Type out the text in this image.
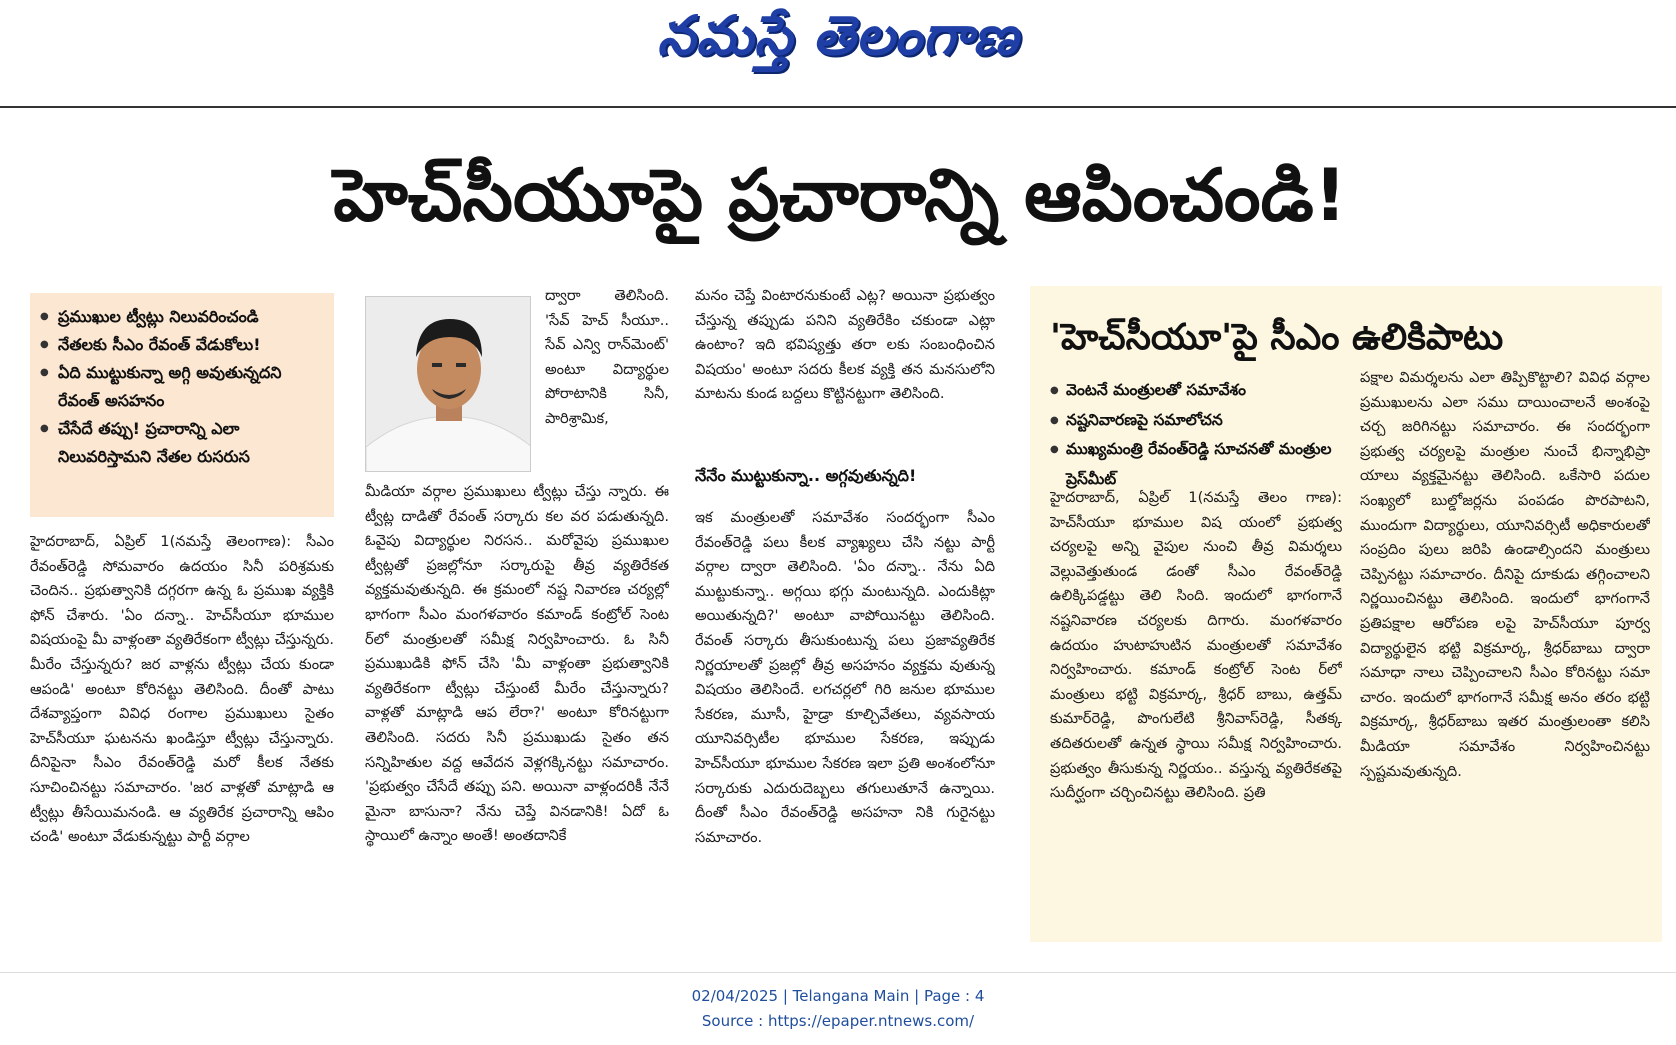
నమస్తే తెలంగాణ
హెచ్‌సీయూపై ప్రచారాన్ని ఆపించండి!
● ప్రముఖుల ట్వీట్లు నిలువరించండి
● నేతలకు సీఎం రేవంత్ వేడుకోలు!
● ఏది ముట్టుకున్నా అగ్గి అవుతున్నదని రేవంత్ అసహనం
● చేసేదే తప్పు! ప్రచారాన్ని ఎలా నిలువరిస్తామని నేతల రుసరుస
హైదరాబాద్, ఏప్రిల్ 1(నమస్తే తెలంగాణ): సీఎం రేవంత్‌రెడ్డి సోమవారం ఉదయం సినీ పరిశ్రమకు చెందిన.. ప్రభుత్వానికి దగ్గరగా ఉన్న ఓ ప్రముఖ వ్యక్తికి ఫోన్ చేశారు. 'ఏం దన్నా.. హెచ్‌సీయూ భూముల విషయంపై మీ వాళ్లంతా వ్యతిరేకంగా ట్వీట్లు చేస్తున్నరు. మీరేం చేస్తున్నరు? జర వాళ్లను ట్వీట్లు చేయ కుండా ఆపండి' అంటూ కోరినట్టు తెలిసింది. దీంతో పాటు దేశవ్యాప్తంగా వివిధ రంగాల ప్రముఖులు సైతం హెచ్‌సీయూ ఘటనను ఖండిస్తూ ట్వీట్లు చేస్తున్నారు. దీనిపైనా సీఎం రేవంత్‌రెడ్డి మరో కీలక నేతకు సూచించినట్టు సమాచారం. 'జర వాళ్లతో మాట్లాడి ఆ ట్వీట్లు తీసేయిమనండి. ఆ వ్యతిరేక ప్రచారాన్ని ఆపిం చండి' అంటూ వేడుకున్నట్టు పార్టీ వర్గాల
ద్వారా తెలిసింది. 'సేవ్ హెచ్ సీయూ.. సేవ్ ఎన్వి రాన్‌మెంట్' అంటూ విద్యార్థుల పోరాటానికి సినీ, పారిశ్రామిక,
మీడియా వర్గాల ప్రముఖులు ట్వీట్లు చేస్తు న్నారు. ఈ ట్వీట్ల దాడితో రేవంత్ సర్కారు కల వర పడుతున్నది. ఓవైపు విద్యార్థుల నిరసన.. మరోవైపు ప్రముఖుల ట్వీట్లతో ప్రజల్లోనూ సర్కారుపై తీవ్ర వ్యతిరేకత వ్యక్తమవుతున్నది. ఈ క్రమంలో నష్ట నివారణ చర్యల్లో భాగంగా సీఎం మంగళవారం కమాండ్ కంట్రోల్ సెంట ర్‌లో మంత్రులతో సమీక్ష నిర్వహించారు. ఓ సినీ ప్రముఖుడికి ఫోన్ చేసి 'మీ వాళ్లంతా ప్రభుత్వానికి వ్యతిరేకంగా ట్వీట్లు చేస్తుంటే మీరేం చేస్తున్నారు? వాళ్లతో మాట్లాడి ఆప లేరా?' అంటూ కోరినట్టుగా తెలిసింది. సదరు సినీ ప్రముఖుడు సైతం తన సన్నిహితుల వద్ద ఆవేదన వెళ్లగక్కినట్టు సమాచారం. 'ప్రభుత్వం చేసేదే తప్పు పని. అయినా వాళ్లందరికీ నేనే మైనా బాసునా? నేను చెప్తే వినడానికి! ఏదో ఓ స్థాయిలో ఉన్నాం అంతే! అంతదానికే
మనం చెప్తే వింటారనుకుంటే ఎట్ల? అయినా ప్రభుత్వం చేస్తున్న తప్పుడు పనిని వ్యతిరేకిం చకుండా ఎట్లా ఉంటాం? ఇది భవిష్యత్తు తరా లకు సంబంధించిన విషయం' అంటూ సదరు కీలక వ్యక్తి తన మనసులోని మాటను కుండ బద్దలు కొట్టినట్టుగా తెలిసింది.
నేనేం ముట్టుకున్నా.. అగ్గవుతున్నది!
ఇక మంత్రులతో సమావేశం సందర్భంగా సీఎం రేవంత్‌రెడ్డి పలు కీలక వ్యాఖ్యలు చేసి నట్టు పార్టీ వర్గాల ద్వారా తెలిసింది. 'ఏం దన్నా.. నేను ఏది ముట్టుకున్నా.. అగ్గయి భగ్గు మంటున్నది. ఎందుకిట్లా అయితున్నది?' అంటూ వాపోయినట్టు తెలిసింది. రేవంత్ సర్కారు తీసుకుంటున్న పలు ప్రజావ్యతిరేక నిర్ణయాలతో ప్రజల్లో తీవ్ర అసహనం వ్యక్తమ వుతున్న విషయం తెలిసిందే. లగచర్లలో గిరి జనుల భూముల సేకరణ, మూసీ, హైడ్రా కూల్చివేతలు, వ్యవసాయ యూనివర్సిటీల భూముల సేకరణ, ఇప్పుడు హెచ్‌సీయూ భూముల సేకరణ ఇలా ప్రతి అంశంలోనూ సర్కారుకు ఎదురుదెబ్బలు తగులుతూనే ఉన్నాయి. దీంతో సీఎం రేవంత్‌రెడ్డి అసహనా నికి గురైనట్టు సమాచారం.
'హెచ్‌సీయూ'పై సీఎం ఉలికిపాటు
● వెంటనే మంత్రులతో సమావేశం
● నష్టనివారణపై సమాలోచన
● ముఖ్యమంత్రి రేవంత్‌రెడ్డి సూచనతో మంత్రుల ప్రెస్‌మీట్
హైదరాబాద్, ఏప్రిల్ 1(నమస్తే తెలం గాణ): హెచ్‌సీయూ భూముల విష యంలో ప్రభుత్వ చర్యలపై అన్ని వైపుల నుంచి తీవ్ర విమర్శలు వెల్లువెత్తుతుండ డంతో సీఎం రేవంత్‌రెడ్డి ఉలిక్కిపడ్డట్టు తెలి సింది. ఇందులో భాగంగానే నష్టనివారణ చర్యలకు దిగారు. మంగళవారం ఉదయం హుటాహుటిన మంత్రులతో సమావేశం నిర్వహించారు. కమాండ్ కంట్రోల్ సెంట ర్‌లో మంత్రులు భట్టి విక్రమార్క, శ్రీధర్ బాబు, ఉత్తమ్ కుమార్‌రెడ్డి, పొంగులేటి శ్రీనివాస్‌రెడ్డి, సీతక్క తదితరులతో ఉన్నత స్థాయి సమీక్ష నిర్వహించారు. ప్రభుత్వం తీసుకున్న నిర్ణయం.. వస్తున్న వ్యతిరేకతపై సుదీర్ఘంగా చర్చించినట్టు తెలిసింది. ప్రతి
పక్షాల విమర్శలను ఎలా తిప్పికొట్టాలి? వివిధ వర్గాల ప్రముఖులను ఎలా సము దాయించాలనే అంశంపై చర్చ జరిగినట్టు సమాచారం. ఈ సందర్భంగా ప్రభుత్వ చర్యలపై మంత్రుల నుంచే భిన్నాభిప్రా యాలు వ్యక్తమైనట్టు తెలిసింది. ఒకేసారి పదుల సంఖ్యలో బుల్డోజర్లను పంపడం పొరపాటని, ముందుగా విద్యార్థులు, యూనివర్సిటీ అధికారులతో సంప్రదిం పులు జరిపి ఉండాల్సిందని మంత్రులు చెప్పినట్టు సమాచారం. దీనిపై దూకుడు తగ్గించాలని నిర్ణయించినట్టు తెలిసింది. ఇందులో భాగంగానే ప్రతిపక్షాల ఆరోపణ లపై హెచ్‌సీయూ పూర్వ విద్యార్థులైన భట్టి విక్రమార్క, శ్రీధర్‌బాబు ద్వారా సమాధా నాలు చెప్పించాలని సీఎం కోరినట్టు సమా చారం. ఇందులో భాగంగానే సమీక్ష అనం తరం భట్టి విక్రమార్క, శ్రీధర్‌బాబు ఇతర మంత్రులంతా కలిసి మీడియా సమావేశం నిర్వహించినట్టు స్పష్టమవుతున్నది.
02/04/2025 | Telangana Main | Page : 4
Source : https://epaper.ntnews.com/
